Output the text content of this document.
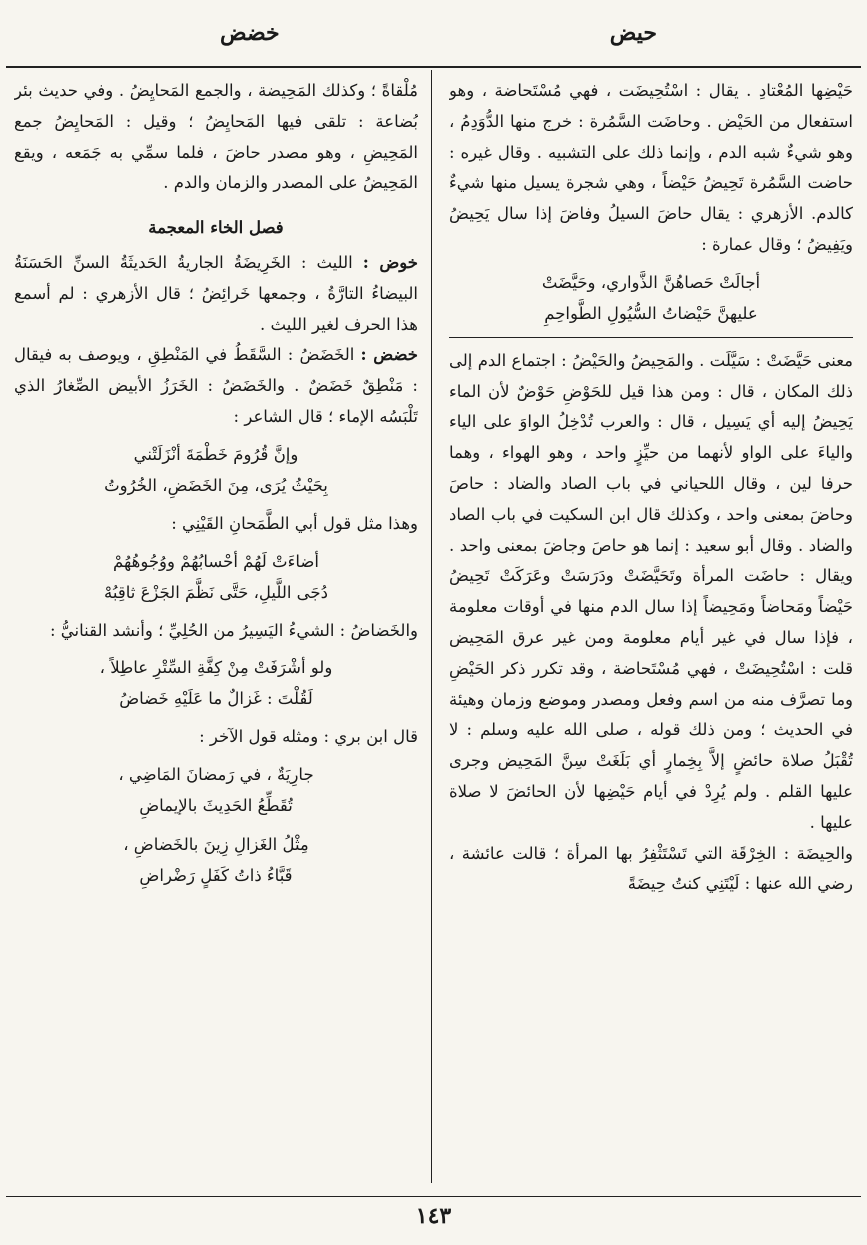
حيض
خضض

حَيْضِها المُعْتادِ . يقال : اسْتُحِيضَت ، فهي مُسْتَحاضة ، وهو استفعال من الحَيْض . وحاضَت السَّمُرة : خرج منها الدُّوَدِمُ ، وهو شيءٌ شبه الدم ، وإنما ذلك على التشبيه . وقال غيره : حاضت السَّمُرة تَحِيضُ حَيْضاً ، وهي شجرة يسيل منها شيءٌ كالدم. الأزهري : يقال حاضَ السيلُ وفاضَ إذا سال يَحِيضُ ويَفِيضُ ؛ وقال عمارة :

أجالَتْ حَصاهُنَّ الذَّواري، وحَيَّضَتْ
عليهنَّ حَيْضاتُ السُّيُولِ الطَّواحِمِ

معنى حَيَّضَتْ : سَيَّلَت . والمَحِيضُ والحَيْضُ : اجتماع الدم إلى ذلك المكان ، قال : ومن هذا قيل للحَوْضِ حَوْضٌ لأن الماء يَحِيضُ إليه أي يَسِيل ، قال : والعرب تُدْخِلُ الواوَ على الياء والياءَ على الواو لأنهما من حيِّزٍ واحد ، وهو الهواء ، وهما حرفا لين ، وقال اللحياني في باب الصاد والضاد : حاصَ وحاضَ بمعنى واحد ، وكذلك قال ابن السكيت في باب الصاد والضاد . وقال أبو سعيد : إنما هو حاصَ وجاضَ بمعنى واحد . ويقال : حاضَت المرأة وتَحَيَّضَتْ ودَرَسَتْ وعَرَكَتْ تَحِيضُ حَيْضاً ومَحاضاً ومَحِيضاً إذا سال الدم منها في أوقات معلومة ، فإذا سال في غير أيام معلومة ومن غير عرق المَحِيض قلت : اسْتُحِيضَتْ ، فهي مُسْتَحاضة ، وقد تكرر ذكر الحَيْضِ وما تصرَّف منه من اسم وفعل ومصدر وموضع وزمان وهيئة في الحديث ؛ ومن ذلك قوله ، صلى الله عليه وسلم : لا تُقْبَلُ صلاة حائضٍ إلاَّ بِخِمارٍ أي بَلَغَتْ سِنَّ المَحِيض وجرى عليها القلم . ولم يُرِدْ في أيام حَيْضِها لأن الحائضَ لا صلاة عليها .

والحِيضَة : الخِرْقَة التي تَسْتَثْفِرُ بها المرأة ؛ قالت عائشة ، رضي الله عنها : لَيْتَنِي كنتُ حِيضَةً

مُلْقاةً ؛ وكذلك المَحِيضة ، والجمع المَحايِضُ . وفي حديث بئر بُضاعة : تلقى فيها المَحايِضُ ؛ وقيل : المَحايِضُ جمع المَحِيضِ ، وهو مصدر حاضَ ، فلما سمِّي به جَمَعه ، ويقع المَحِيضُ على المصدر والزمان والدم .

فصل الخاء المعجمة

خوض : الليث : الخَرِيضَةُ الجاريةُ الحَديثَةُ السنِّ الحَسَنَةُ البيضاءُ التارَّةُ ، وجمعها خَرائِضُ ؛ قال الأزهري : لم أسمع هذا الحرف لغير الليث .

خضض : الخَضَضُ : السَّقَطُ في المَنْطِقِ ، ويوصف به فيقال : مَنْطِقٌ خَضَضٌ . والخَضَضُ : الخَرَزُ الأبيض الصِّغارُ الذي تَلْبَسُه الإماء ؛ قال الشاعر :

وإنَّ قُرُومَ خَطْمَةَ أنْزَلَتْني
بِحَيْثُ يُرَى، مِنَ الخَضَضِ، الخُرُوتُ

وهذا مثل قول أبي الطَّمَحانِ القَيْنِي :

أضاءَتْ لَهُمْ أحْسابُهُمْ ووُجُوهُهُمْ
دُجَى اللَّيلِ، حَتَّى نَظَّمَ الجَزْعَ ثاقِبُهْ

والخَضاضُ : الشيءُ اليَسِيرُ من الحُلِيِّ ؛ وأنشد القنانيُّ :

ولو أشْرَفَتْ مِنْ كِفَّةِ السِّتْرِ عاطِلاً ،
لَقُلْتَ : غَزالٌ ما عَلَيْهِ خَضاضُ

قال ابن بري : ومثله قول الآخر :

جارِيَةٌ ، في رَمضانَ المَاضِي ،
تُقَطِّعُ الحَدِيثَ بالإيماضِ

مِثْلُ الغَزالِ زِينَ بالخَضاضِ ،
قَبَّاءُ ذاتُ كَفَلٍ رَضْراضِ

١٤٣
